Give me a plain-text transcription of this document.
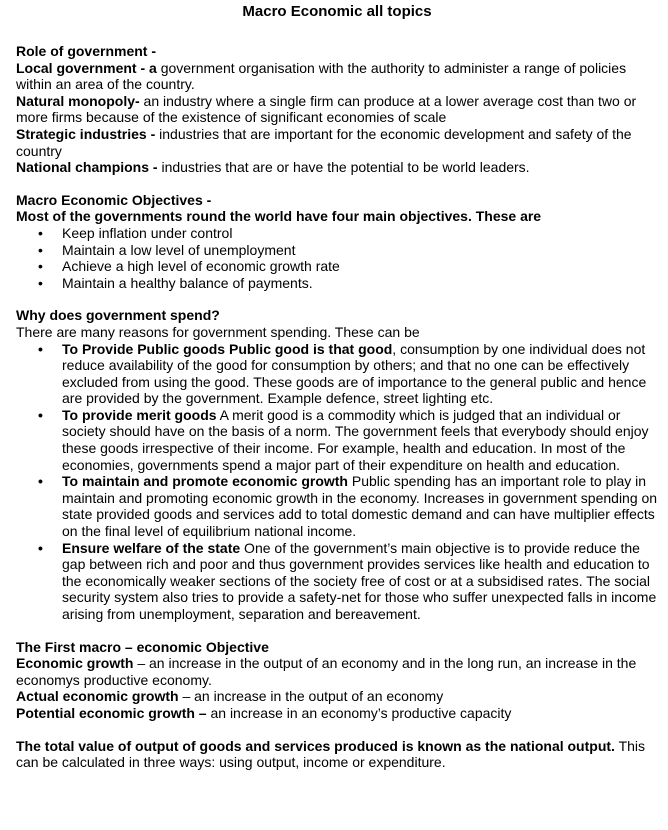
Macro Economic all topics
Role of government -
Local government - a government organisation with the authority to administer a range of policies within an area of the country.
Natural monopoly- an industry where a single firm can produce at a lower average cost than two or more firms because of the existence of significant economies of scale
Strategic industries - industries that are important for the economic development and safety of the country
National champions - industries that are or have the potential to be world leaders.
Macro Economic Objectives -
Most of the governments round the world have four main objectives. These are
• Keep inflation under control
• Maintain a low level of unemployment
• Achieve a high level of economic growth rate
• Maintain a healthy balance of payments.
Why does government spend?
There are many reasons for government spending. These can be
• To Provide Public goods Public good is that good, consumption by one individual does not reduce availability of the good for consumption by others; and that no one can be effectively excluded from using the good. These goods are of importance to the general public and hence are provided by the government. Example defence, street lighting etc.
• To provide merit goods A merit good is a commodity which is judged that an individual or society should have on the basis of a norm. The government feels that everybody should enjoy these goods irrespective of their income. For example, health and education. In most of the economies, governments spend a major part of their expenditure on health and education.
• To maintain and promote economic growth Public spending has an important role to play in maintain and promoting economic growth in the economy. Increases in government spending on state provided goods and services add to total domestic demand and can have multiplier effects on the final level of equilibrium national income.
• Ensure welfare of the state One of the government’s main objective is to provide reduce the gap between rich and poor and thus government provides services like health and education to the economically weaker sections of the society free of cost or at a subsidised rates. The social security system also tries to provide a safety-net for those who suffer unexpected falls in income arising from unemployment, separation and bereavement.
The First macro – economic Objective
Economic growth – an increase in the output of an economy and in the long run, an increase in the economys productive economy.
Actual economic growth – an increase in the output of an economy
Potential economic growth – an increase in an economy’s productive capacity
The total value of output of goods and services produced is known as the national output. This can be calculated in three ways: using output, income or expenditure.
